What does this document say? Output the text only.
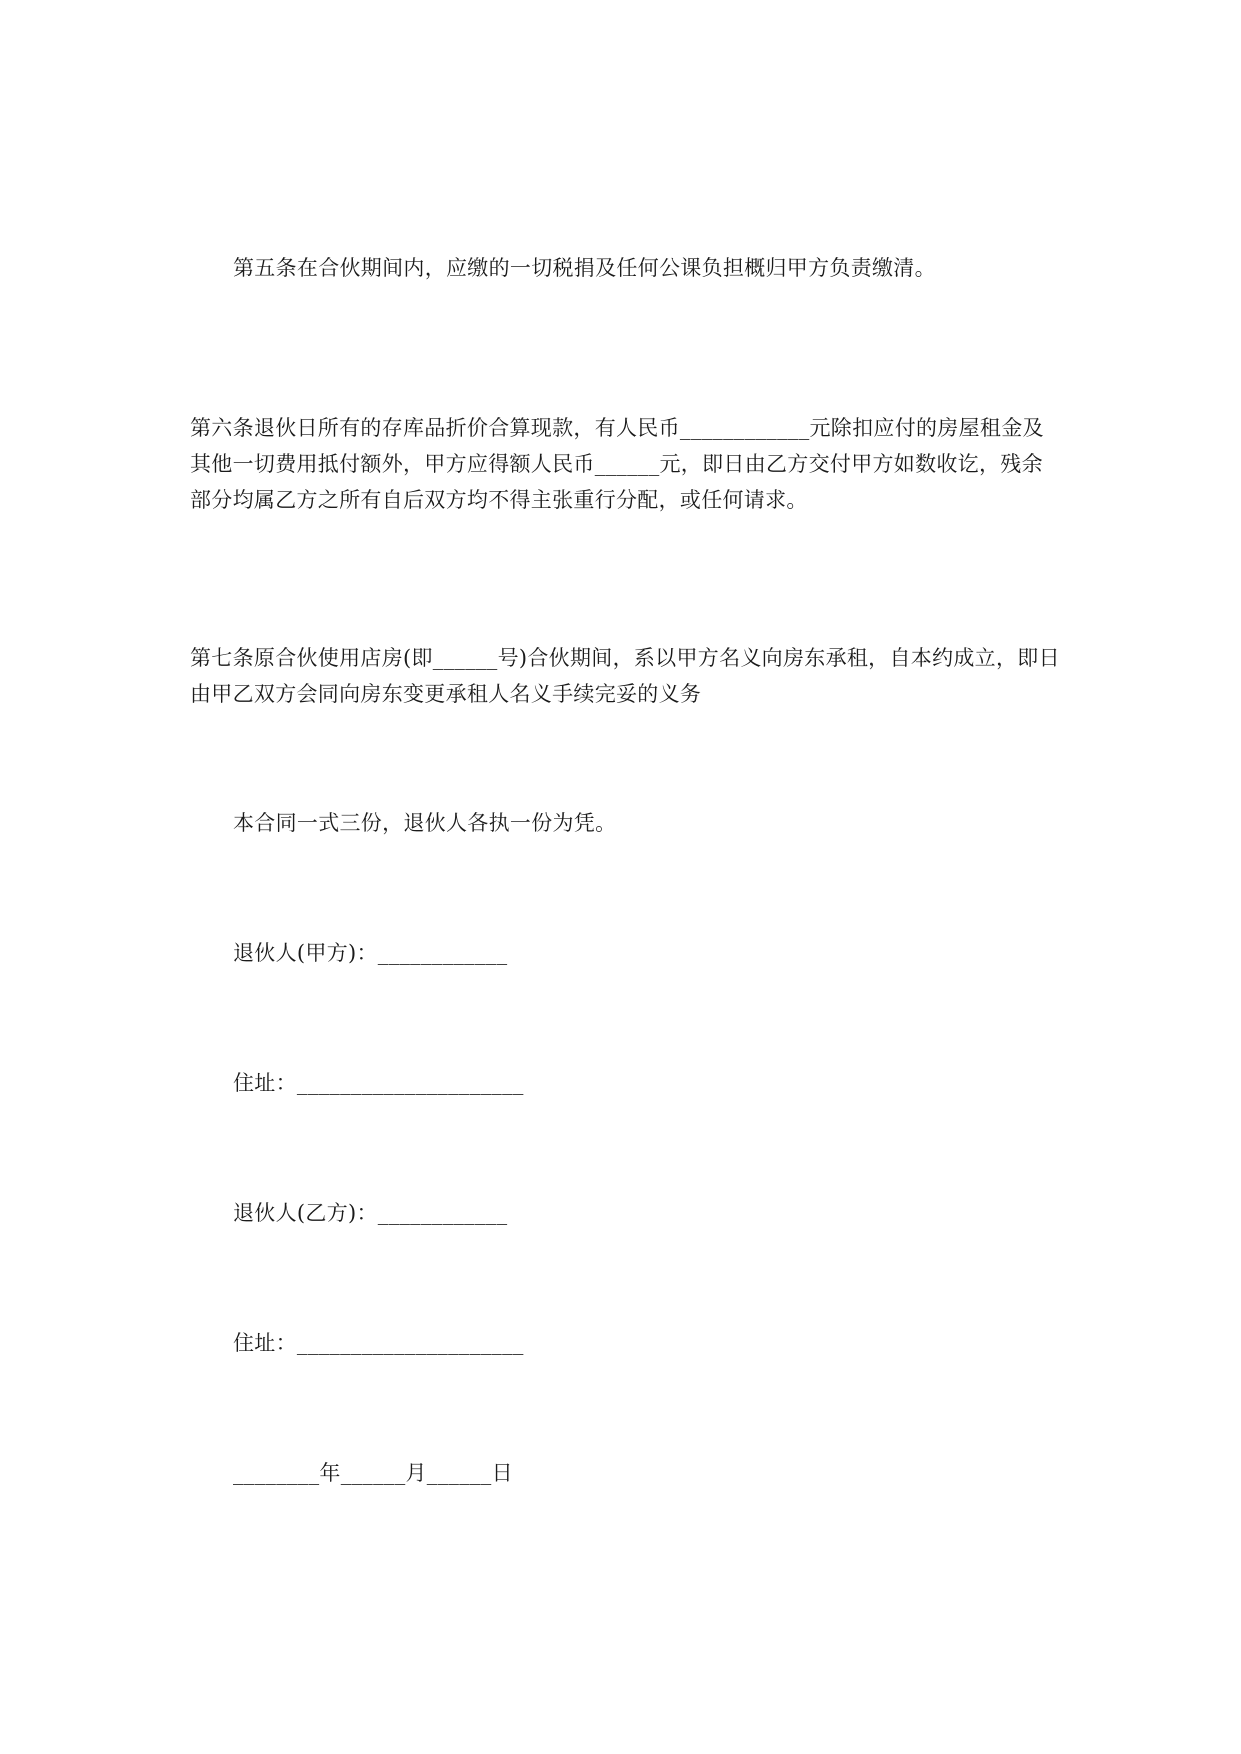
第五条在合伙期间内，应缴的一切税捐及任何公课负担概归甲方负责缴清。

第六条退伙日所有的存库品折价合算现款，有人民币____________元除扣应付的房屋租金及其他一切费用抵付额外，甲方应得额人民币______元，即日由乙方交付甲方如数收讫，残余部分均属乙方之所有自后双方均不得主张重行分配，或任何请求。

第七条原合伙使用店房(即______号)合伙期间，系以甲方名义向房东承租，自本约成立，即日由甲乙双方会同向房东变更承租人名义手续完妥的义务

本合同一式三份，退伙人各执一份为凭。

退伙人(甲方)：____________

住址：_____________________

退伙人(乙方)：____________

住址：_____________________

________年______月______日
